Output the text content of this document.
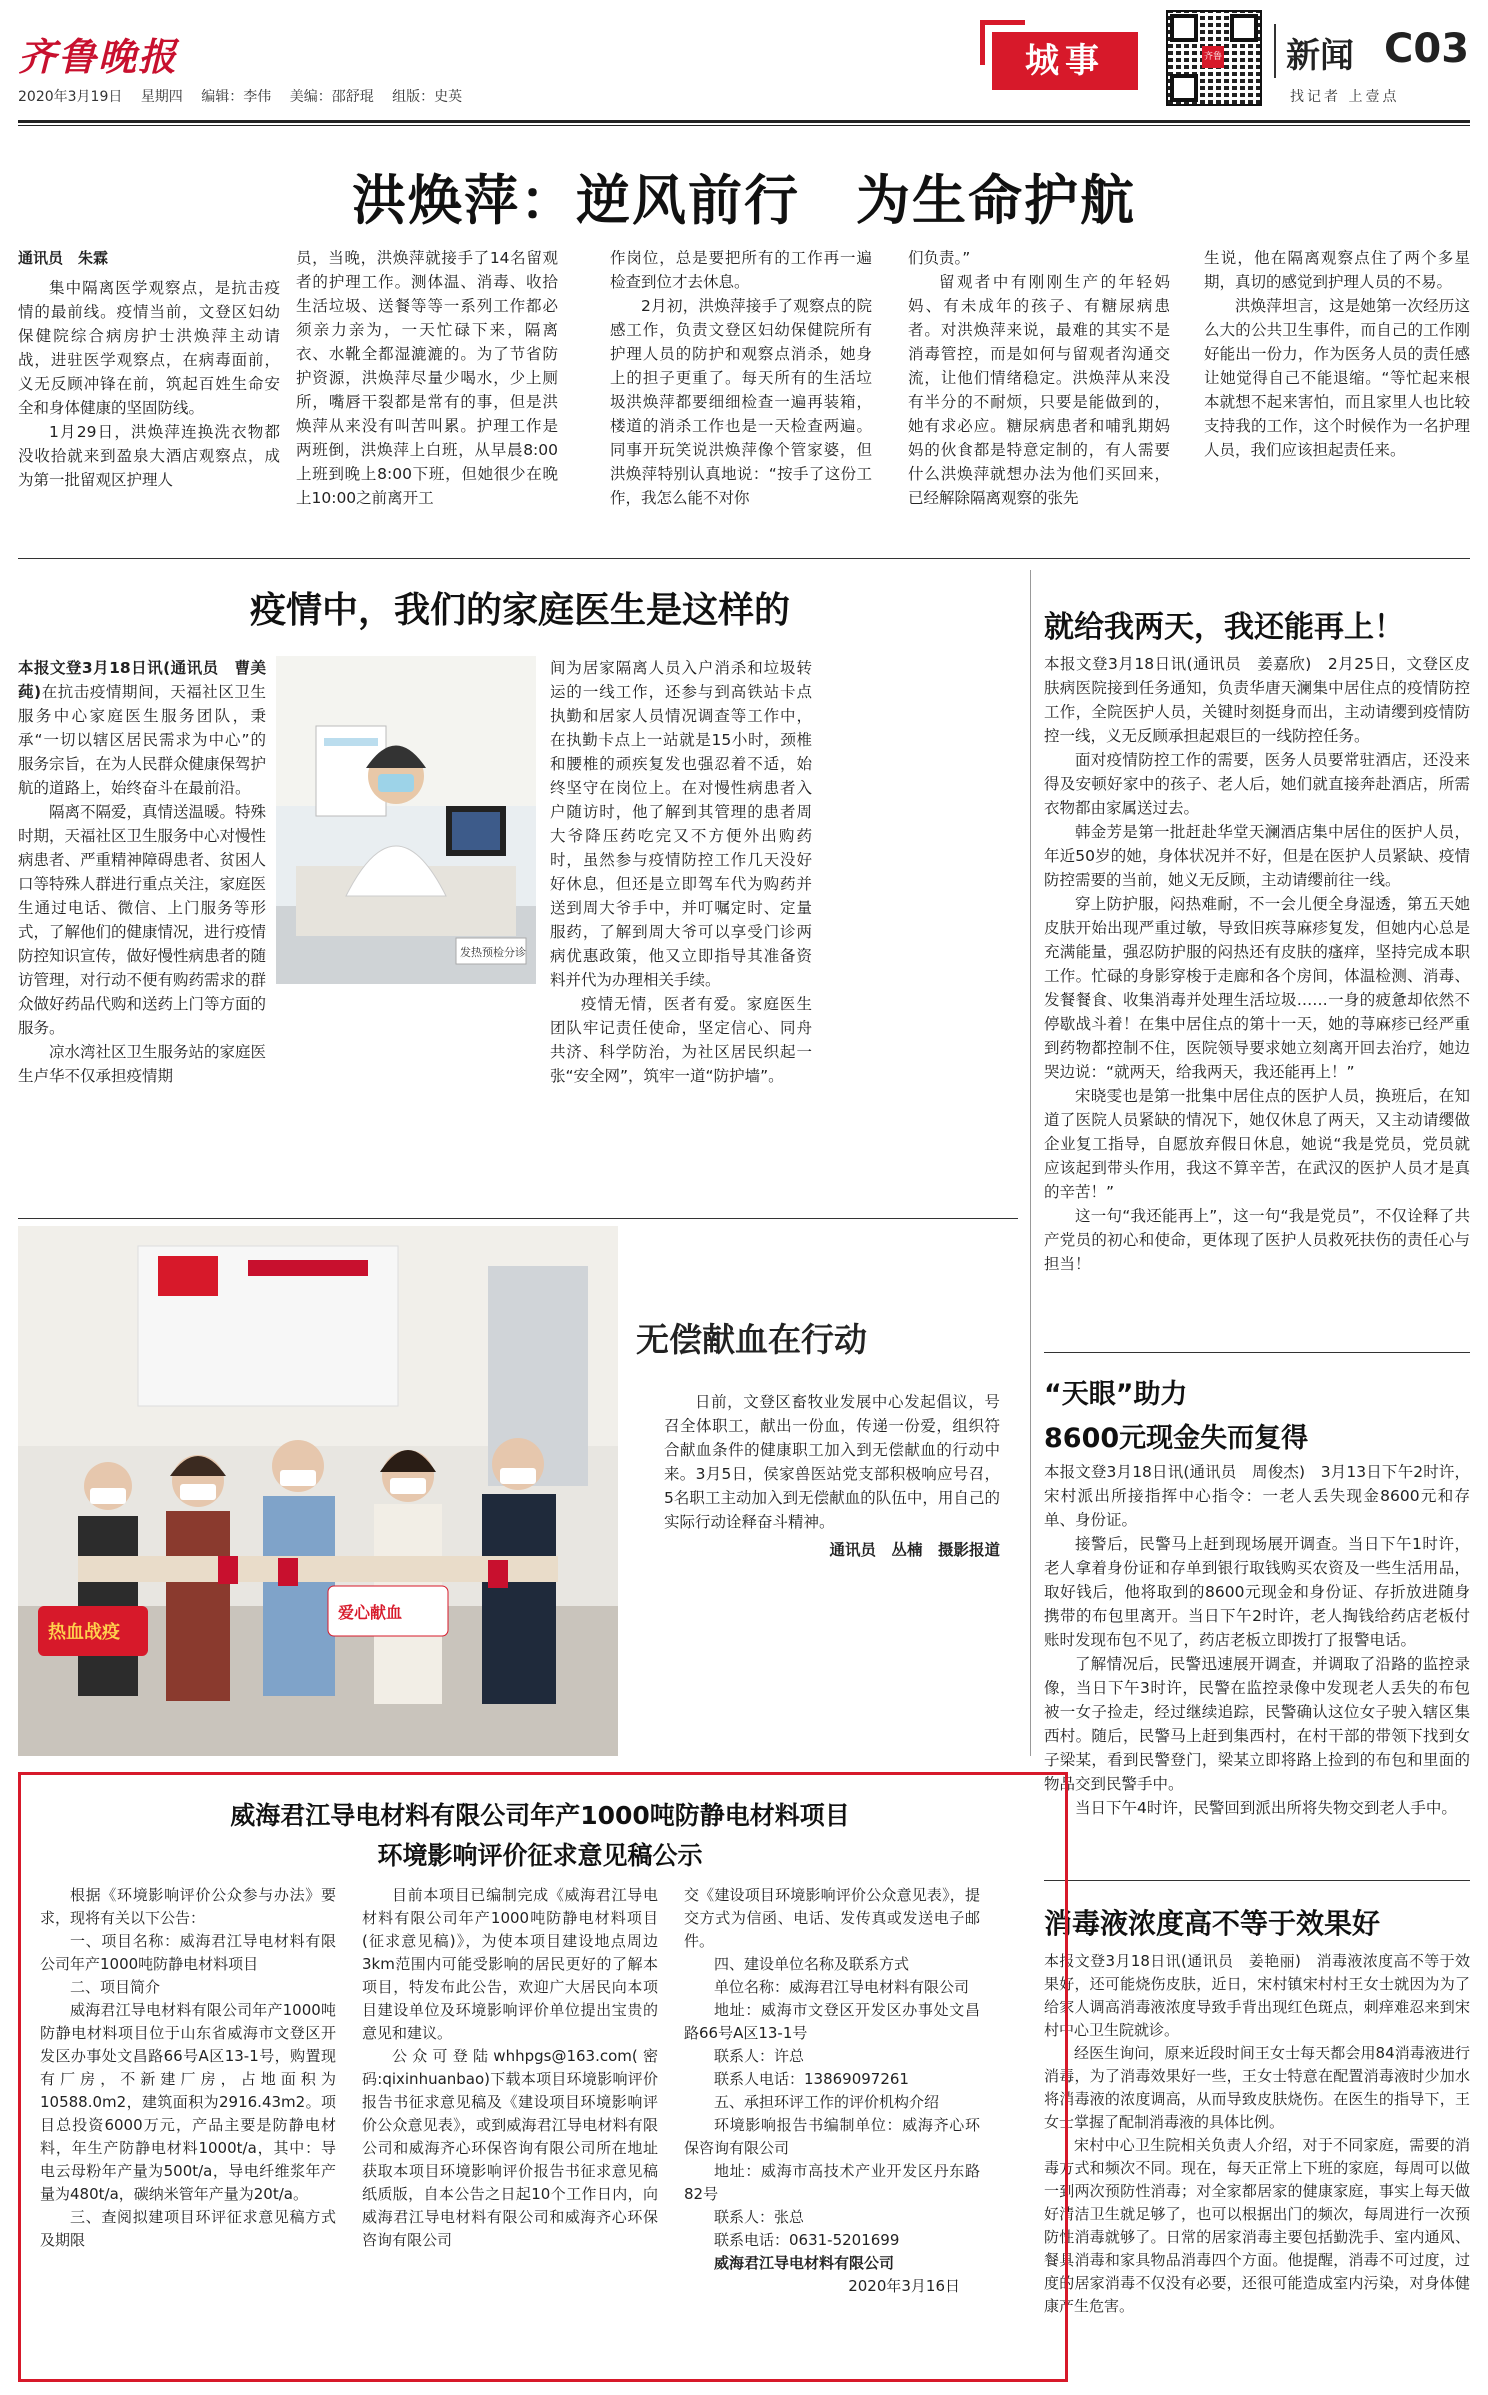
齐鲁晚报
2020年3月19日 星期四 编辑：李伟 美编：邵舒琨 组版：史英
城事	齐鲁 新闻 C03
找记者 上壹点
洪焕萍：逆风前行　为生命护航
通讯员　朱霖

集中隔离医学观察点，是抗击疫情的最前线。疫情当前，文登区妇幼保健院综合病房护士洪焕萍主动请战，进驻医学观察点，在病毒面前，义无反顾冲锋在前，筑起百姓生命安全和身体健康的坚固防线。

1月29日，洪焕萍连换洗衣物都没收拾就来到盈泉大酒店观察点，成为第一批留观区护理人

员，当晚，洪焕萍就接手了14名留观者的护理工作。测体温、消毒、收拾生活垃圾、送餐等等一系列工作都必须亲力亲为，一天忙碌下来，隔离衣、水靴全都湿漉漉的。为了节省防护资源，洪焕萍尽量少喝水，少上厕所，嘴唇干裂都是常有的事，但是洪焕萍从来没有叫苦叫累。护理工作是两班倒，洪焕萍上白班，从早晨8:00上班到晚上8:00下班，但她很少在晚上10:00之前离开工
作岗位，总是要把所有的工作再一遍检查到位才去休息。

2月初，洪焕萍接手了观察点的院感工作，负责文登区妇幼保健院所有护理人员的防护和观察点消杀，她身上的担子更重了。每天所有的生活垃圾洪焕萍都要细细检查一遍再装箱，楼道的消杀工作也是一天检查两遍。同事开玩笑说洪焕萍像个管家婆，但洪焕萍特别认真地说：“按手了这份工作，我怎么能不对你

们负责。”

留观者中有刚刚生产的年轻妈妈、有未成年的孩子、有糖尿病患者。对洪焕萍来说，最难的其实不是消毒管控，而是如何与留观者沟通交流，让他们情绪稳定。洪焕萍从来没有半分的不耐烦，只要是能做到的，她有求必应。糖尿病患者和哺乳期妈妈的伙食都是特意定制的，有人需要什么洪焕萍就想办法为他们买回来，已经解除隔离观察的张先

生说，他在隔离观察点住了两个多星期，真切的感觉到护理人员的不易。

洪焕萍坦言，这是她第一次经历这么大的公共卫生事件，而自己的工作刚好能出一份力，作为医务人员的责任感让她觉得自己不能退缩。“等忙起来根本就想不起来害怕，而且家里人也比较支持我的工作，这个时候作为一名护理人员，我们应该担起责任来。

疫情中，我们的家庭医生是这样的
本报文登3月18日讯(通讯员　曹美莼)在抗击疫情期间，天福社区卫生服务中心家庭医生服务团队，秉承“一切以辖区居民需求为中心”的服务宗旨，在为人民群众健康保驾护航的道路上，始终奋斗在最前沿。

隔离不隔爱，真情送温暖。特殊时期，天福社区卫生服务中心对慢性病患者、严重精神障碍患者、贫困人口等特殊人群进行重点关注，家庭医生通过电话、微信、上门服务等形式，了解他们的健康情况，进行疫情防控知识宣传，做好慢性病患者的随访管理，对行动不便有购药需求的群众做好药品代购和送药上门等方面的服务。

凉水湾社区卫生服务站的家庭医生卢华不仅承担疫情期

发热预检分诊
间为居家隔离人员入户消杀和垃圾转运的一线工作，还参与到高铁站卡点执勤和居家人员情况调查等工作中，在执勤卡点上一站就是15小时，颈椎和腰椎的顽疾复发也强忍着不适，始终坚守在岗位上。在对慢性病患者入户随访时，他了解到其管理的患者周大爷降压药吃完又不方便外出购药时，虽然参与疫情防控工作几天没好好休息，但还是立即驾车代为购药并送到周大爷手中，并叮嘱定时、定量服药，了解到周大爷可以享受门诊两病优惠政策，他又立即指导其准备资料并代为办理相关手续。

疫情无情，医者有爱。家庭医生团队牢记责任使命，坚定信心、同舟共济、科学防治，为社区居民织起一张“安全网”，筑牢一道“防护墙”。

就给我两天，我还能再上！
本报文登3月18日讯(通讯员　姜嘉欣)　2月25日，文登区皮肤病医院接到任务通知，负责华唐天澜集中居住点的疫情防控工作，全院医护人员，关键时刻挺身而出，主动请缨到疫情防控一线，义无反顾承担起艰巨的一线防控任务。

面对疫情防控工作的需要，医务人员要常驻酒店，还没来得及安顿好家中的孩子、老人后，她们就直接奔赴酒店，所需衣物都由家属送过去。

韩金芳是第一批赶赴华堂天澜酒店集中居住的医护人员，年近50岁的她，身体状况并不好，但是在医护人员紧缺、疫情防控需要的当前，她义无反顾，主动请缨前往一线。

穿上防护服，闷热难耐，不一会儿便全身湿透，第五天她皮肤开始出现严重过敏，导致旧疾荨麻疹复发，但她内心总是充满能量，强忍防护服的闷热还有皮肤的瘙痒，坚持完成本职工作。忙碌的身影穿梭于走廊和各个房间，体温检测、消毒、发餐餐食、收集消毒并处理生活垃圾……一身的疲惫却依然不停歇战斗着！在集中居住点的第十一天，她的荨麻疹已经严重到药物都控制不住，医院领导要求她立刻离开回去治疗，她边哭边说：“就两天，给我两天，我还能再上！”

宋晓雯也是第一批集中居住点的医护人员，换班后，在知道了医院人员紧缺的情况下，她仅休息了两天，又主动请缨做企业复工指导，自愿放弃假日休息，她说“我是党员，党员就应该起到带头作用，我这不算辛苦，在武汉的医护人员才是真的辛苦！”

这一句“我还能再上”，这一句“我是党员”，不仅诠释了共产党员的初心和使命，更体现了医护人员救死扶伤的责任心与担当！

热血战疫
爱心献血
无偿献血在行动

日前，文登区畜牧业发展中心发起倡议，号召全体职工，献出一份血，传递一份爱，组织符合献血条件的健康职工加入到无偿献血的行动中来。3月5日，侯家兽医站党支部积极响应号召，5名职工主动加入到无偿献血的队伍中，用自己的实际行动诠释奋斗精神。

通讯员　丛楠　摄影报道
“天眼”助力
8600元现金失而复得
本报文登3月18日讯(通讯员　周俊杰)　3月13日下午2时许，宋村派出所接指挥中心指令：一老人丢失现金8600元和存单、身份证。

接警后，民警马上赶到现场展开调查。当日下午1时许，老人拿着身份证和存单到银行取钱购买农资及一些生活用品，取好钱后，他将取到的8600元现金和身份证、存折放进随身携带的布包里离开。当日下午2时许，老人掏钱给药店老板付账时发现布包不见了，药店老板立即拨打了报警电话。

了解情况后，民警迅速展开调查，并调取了沿路的监控录像，当日下午3时许，民警在监控录像中发现老人丢失的布包被一女子捡走，经过继续追踪，民警确认这位女子驶入辖区集西村。随后，民警马上赶到集西村，在村干部的带领下找到女子梁某，看到民警登门，梁某立即将路上捡到的布包和里面的物品交到民警手中。

当日下午4时许，民警回到派出所将失物交到老人手中。

消毒液浓度高不等于效果好
本报文登3月18日讯(通讯员　姜艳丽)　消毒液浓度高不等于效果好，还可能烧伤皮肤，近日，宋村镇宋村村王女士就因为为了给家人调高消毒液浓度导致手背出现红色斑点，刺痒难忍来到宋村中心卫生院就诊。

经医生询问，原来近段时间王女士每天都会用84消毒液进行消毒，为了消毒效果好一些，王女士特意在配置消毒液时少加水将消毒液的浓度调高，从而导致皮肤烧伤。在医生的指导下，王女士掌握了配制消毒液的具体比例。

宋村中心卫生院相关负责人介绍，对于不同家庭，需要的消毒方式和频次不同。现在，每天正常上下班的家庭，每周可以做一到两次预防性消毒；对全家都居家的健康家庭，事实上每天做好清洁卫生就足够了，也可以根据出门的频次，每周进行一次预防性消毒就够了。日常的居家消毒主要包括勤洗手、室内通风、餐具消毒和家具物品消毒四个方面。他提醒，消毒不可过度，过度的居家消毒不仅没有必要，还很可能造成室内污染，对身体健康产生危害。

威海君江导电材料有限公司年产1000吨防静电材料项目
环境影响评价征求意见稿公示

根据《环境影响评价公众参与办法》要求，现将有关以下公告：

一、项目名称：威海君江导电材料有限公司年产1000吨防静电材料项目

二、项目简介

威海君江导电材料有限公司年产1000吨防静电材料项目位于山东省威海市文登区开发区办事处文昌路66号A区13-1号，购置现有厂房，不新建厂房，占地面积为10588.0m2，建筑面积为2916.43m2。项目总投资6000万元，产品主要是防静电材料，年生产防静电材料1000t/a，其中：导电云母粉年产量为500t/a，导电纤维浆年产量为480t/a，碳纳米管年产量为20t/a。

三、查阅拟建项目环评征求意见稿方式及期限

目前本项目已编制完成《威海君江导电材料有限公司年产1000吨防静电材料项目(征求意见稿)》，为使本项目建设地点周边3km范围内可能受影响的居民更好的了解本项目，特发布此公告，欢迎广大居民向本项目建设单位及环境影响评价单位提出宝贵的意见和建议。

公众可登陆whhpgs@163.com(密码:qixinhuanbao)下载本项目环境影响评价报告书征求意见稿及《建设项目环境影响评价公众意见表》，或到威海君江导电材料有限公司和威海齐心环保咨询有限公司所在地址获取本项目环境影响评价报告书征求意见稿纸质版，自本公告之日起10个工作日内，向威海君江导电材料有限公司和威海齐心环保咨询有限公司

交《建设项目环境影响评价公众意见表》，提交方式为信函、电话、发传真或发送电子邮件。

四、建设单位名称及联系方式

单位名称：威海君江导电材料有限公司

地址：威海市文登区开发区办事处文昌路66号A区13-1号

联系人：许总

联系人电话：13869097261

五、承担环评工作的评价机构介绍

环境影响报告书编制单位：威海齐心环保咨询有限公司

地址：威海市高技术产业开发区丹东路82号

联系人：张总

联系电话：0631-5201699

威海君江导电材料有限公司
2020年3月16日
